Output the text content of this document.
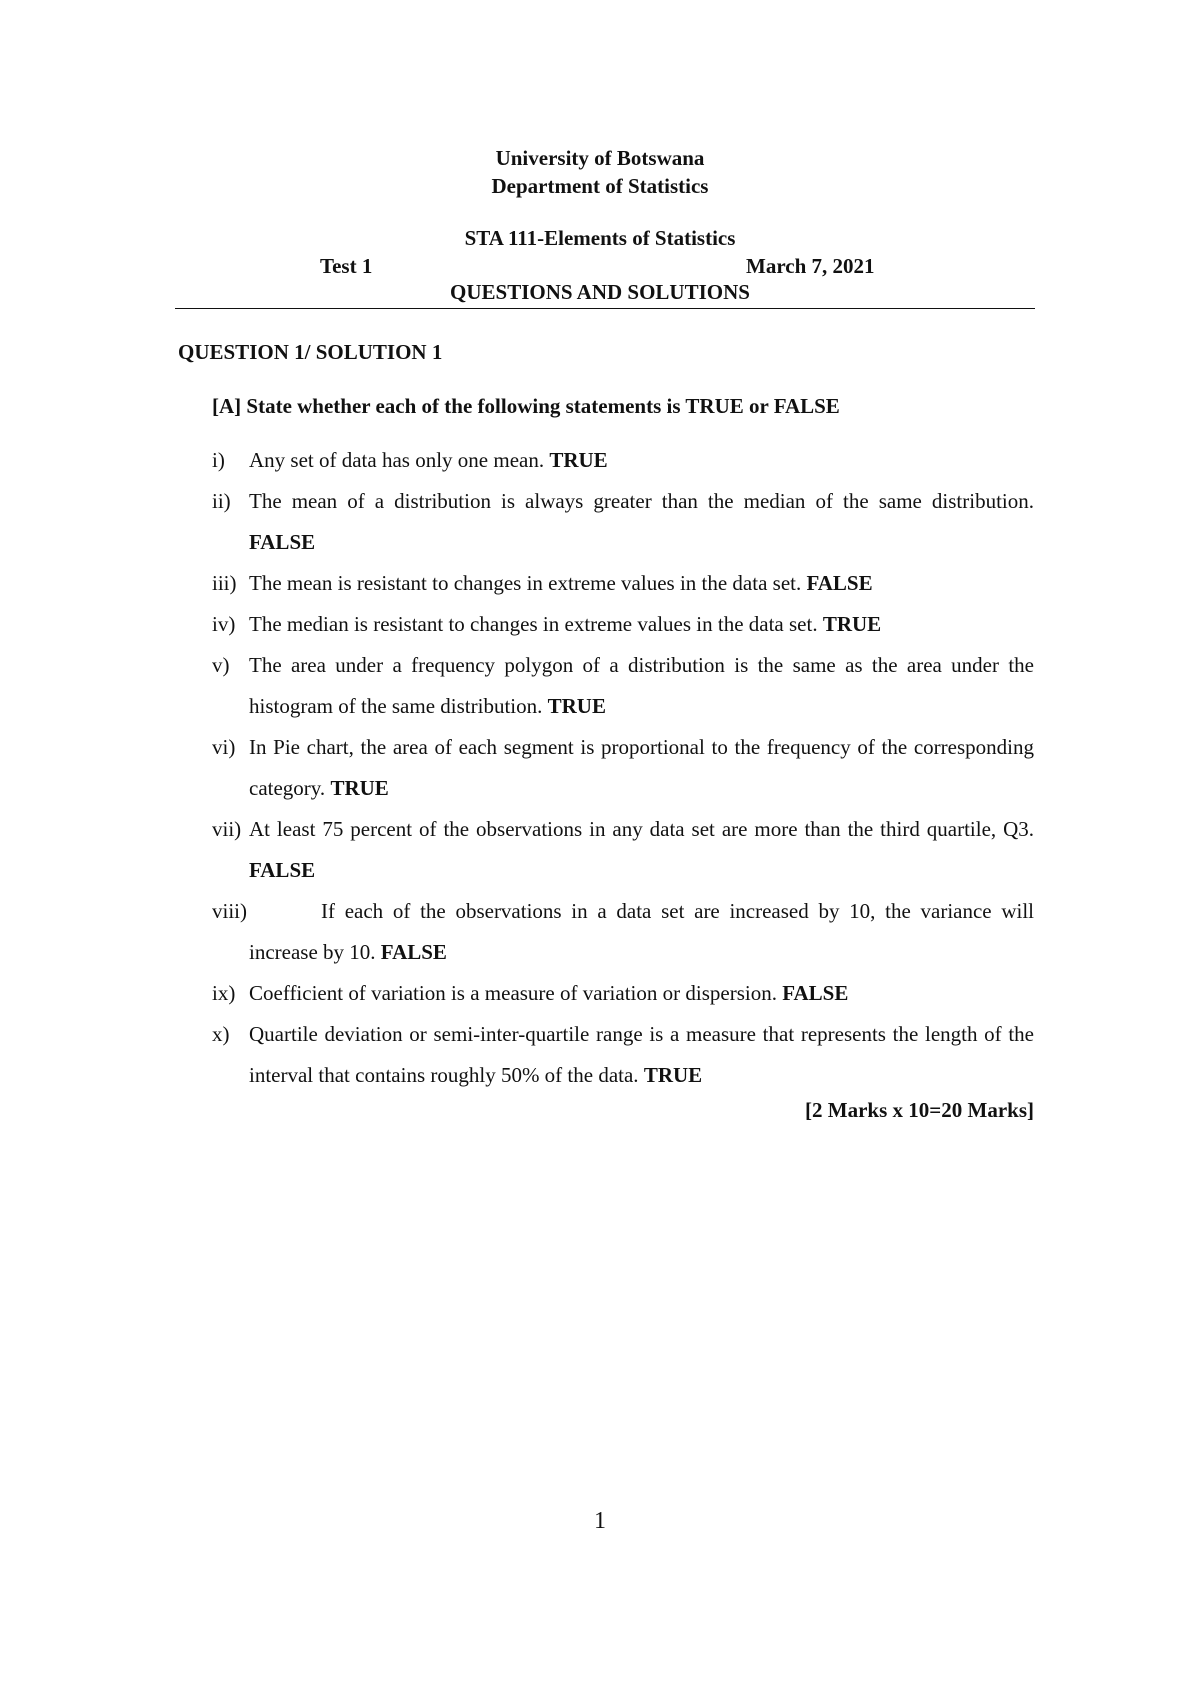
University of Botswana
Department of Statistics
STA 111-Elements of Statistics
Test 1	March 7, 2021
QUESTIONS AND SOLUTIONS
QUESTION 1/ SOLUTION 1
[A] State whether each of the following statements is TRUE or FALSE
i) Any set of data has only one mean. TRUE
ii) The mean of a distribution is always greater than the median of the same distribution. FALSE
iii) The mean is resistant to changes in extreme values in the data set. FALSE
iv) The median is resistant to changes in extreme values in the data set. TRUE
v) The area under a frequency polygon of a distribution is the same as the area under the histogram of the same distribution. TRUE
vi) In Pie chart, the area of each segment is proportional to the frequency of the corresponding category. TRUE
vii) At least 75 percent of the observations in any data set are more than the third quartile, Q3. FALSE
viii)	If each of the observations in a data set are increased by 10, the variance will increase by 10. FALSE
ix) Coefficient of variation is a measure of variation or dispersion. FALSE
x) Quartile deviation or semi-inter-quartile range is a measure that represents the length of the interval that contains roughly 50% of the data. TRUE
[2 Marks x 10=20 Marks]
1
